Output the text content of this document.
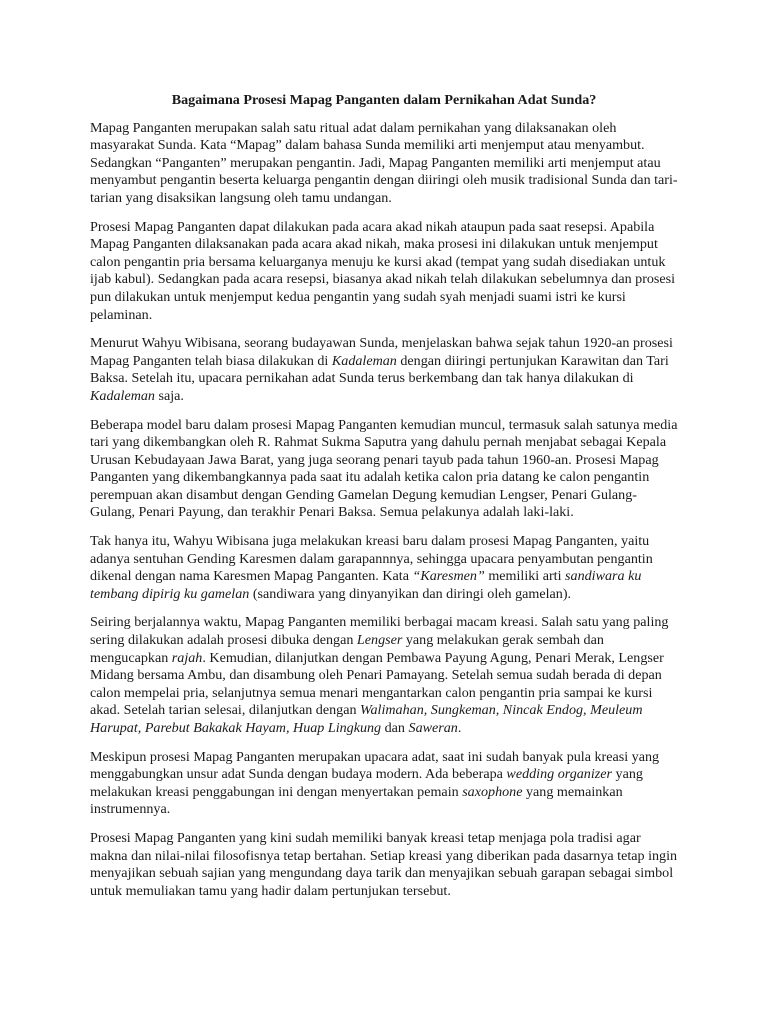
Bagaimana Prosesi Mapag Panganten dalam Pernikahan Adat Sunda?

Mapag Panganten merupakan salah satu ritual adat dalam pernikahan yang dilaksanakan oleh masyarakat Sunda. Kata “Mapag” dalam bahasa Sunda memiliki arti menjemput atau menyambut. Sedangkan “Panganten” merupakan pengantin. Jadi, Mapag Panganten memiliki arti menjemput atau menyambut pengantin beserta keluarga pengantin dengan diiringi oleh musik tradisional Sunda dan tari-tarian yang disaksikan langsung oleh tamu undangan.

Prosesi Mapag Panganten dapat dilakukan pada acara akad nikah ataupun pada saat resepsi. Apabila Mapag Panganten dilaksanakan pada acara akad nikah, maka prosesi ini dilakukan untuk menjemput calon pengantin pria bersama keluarganya menuju ke kursi akad (tempat yang sudah disediakan untuk ijab kabul). Sedangkan pada acara resepsi, biasanya akad nikah telah dilakukan sebelumnya dan prosesi pun dilakukan untuk menjemput kedua pengantin yang sudah syah menjadi suami istri ke kursi pelaminan.

Menurut Wahyu Wibisana, seorang budayawan Sunda, menjelaskan bahwa sejak tahun 1920-an prosesi Mapag Panganten telah biasa dilakukan di Kadaleman dengan diiringi pertunjukan Karawitan dan Tari Baksa. Setelah itu, upacara pernikahan adat Sunda terus berkembang dan tak hanya dilakukan di Kadaleman saja.

Beberapa model baru dalam prosesi Mapag Panganten kemudian muncul, termasuk salah satunya media tari yang dikembangkan oleh R. Rahmat Sukma Saputra yang dahulu pernah menjabat sebagai Kepala Urusan Kebudayaan Jawa Barat, yang juga seorang penari tayub pada tahun 1960-an. Prosesi Mapag Panganten yang dikembangkannya pada saat itu adalah ketika calon pria datang ke calon pengantin perempuan akan disambut dengan Gending Gamelan Degung kemudian Lengser, Penari Gulang-Gulang, Penari Payung, dan terakhir Penari Baksa. Semua pelakunya adalah laki-laki.

Tak hanya itu, Wahyu Wibisana juga melakukan kreasi baru dalam prosesi Mapag Panganten, yaitu adanya sentuhan Gending Karesmen dalam garapannnya, sehingga upacara penyambutan pengantin dikenal dengan nama Karesmen Mapag Panganten. Kata “Karesmen” memiliki arti sandiwara ku tembang dipirig ku gamelan (sandiwara yang dinyanyikan dan diringi oleh gamelan).

Seiring berjalannya waktu, Mapag Panganten memiliki berbagai macam kreasi. Salah satu yang paling sering dilakukan adalah prosesi dibuka dengan Lengser yang melakukan gerak sembah dan mengucapkan rajah. Kemudian, dilanjutkan dengan Pembawa Payung Agung, Penari Merak, Lengser Midang bersama Ambu, dan disambung oleh Penari Pamayang. Setelah semua sudah berada di depan calon mempelai pria, selanjutnya semua menari mengantarkan calon pengantin pria sampai ke kursi akad. Setelah tarian selesai, dilanjutkan dengan Walimahan, Sungkeman, Nincak Endog, Meuleum Harupat, Parebut Bakakak Hayam, Huap Lingkung dan Saweran.

Meskipun prosesi Mapag Panganten merupakan upacara adat, saat ini sudah banyak pula kreasi yang menggabungkan unsur adat Sunda dengan budaya modern. Ada beberapa wedding organizer yang melakukan kreasi penggabungan ini dengan menyertakan pemain saxophone yang memainkan instrumennya.

Prosesi Mapag Panganten yang kini sudah memiliki banyak kreasi tetap menjaga pola tradisi agar makna dan nilai-nilai filosofisnya tetap bertahan. Setiap kreasi yang diberikan pada dasarnya tetap ingin menyajikan sebuah sajian yang mengundang daya tarik dan menyajikan sebuah garapan sebagai simbol untuk memuliakan tamu yang hadir dalam pertunjukan tersebut.
